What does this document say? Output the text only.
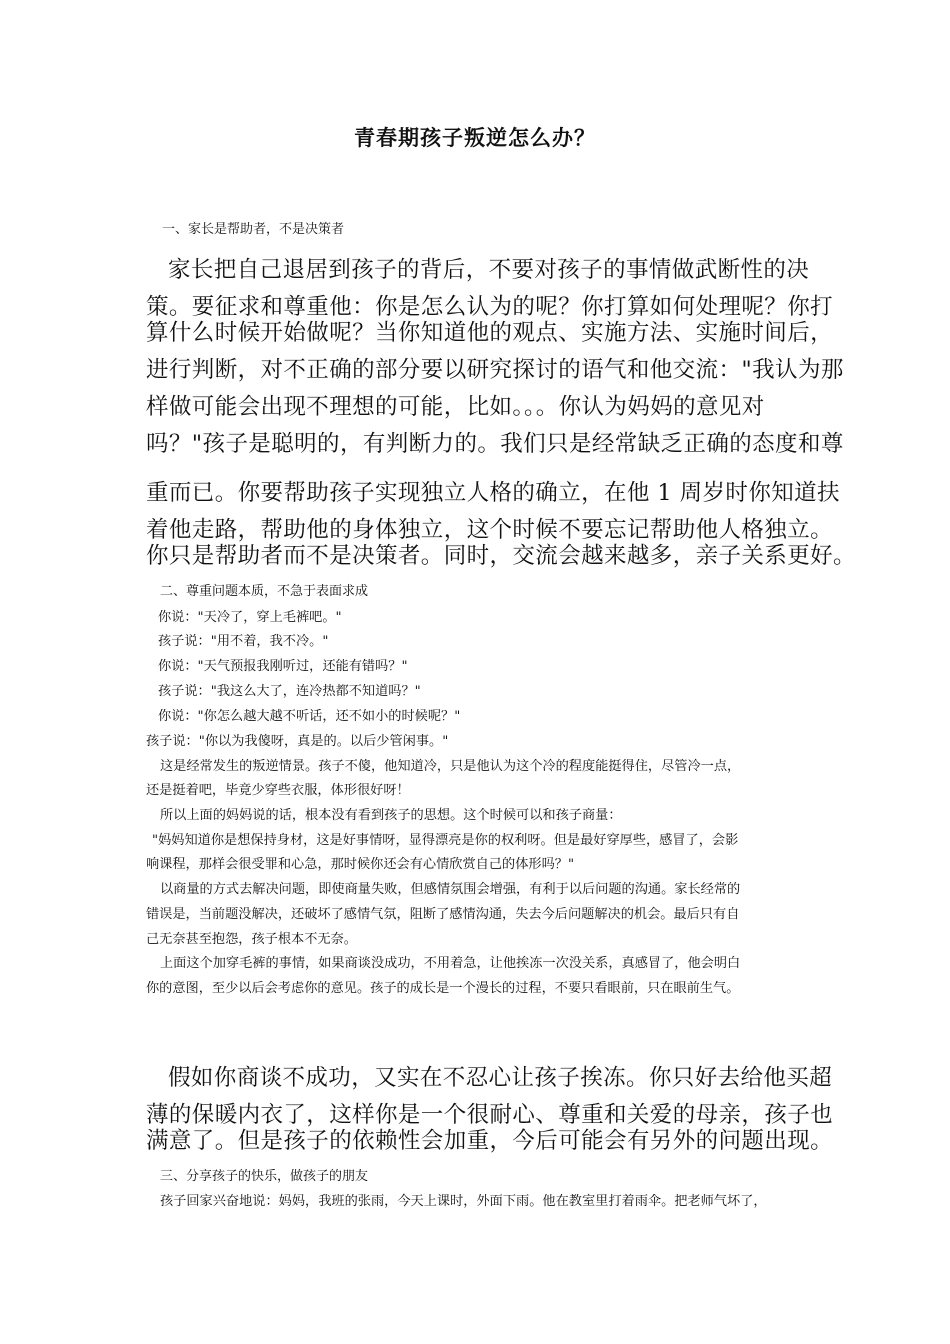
青春期孩子叛逆怎么办？
一、家长是帮助者，不是决策者
家长把自己退居到孩子的背后，不要对孩子的事情做武断性的决
策。要征求和尊重他：你是怎么认为的呢？你打算如何处理呢？你打
算什么时候开始做呢？当你知道他的观点、实施方法、实施时间后，
进行判断，对不正确的部分要以研究探讨的语气和他交流："我认为那
样做可能会出现不理想的可能，比如。。。你认为妈妈的意见对
吗？"孩子是聪明的，有判断力的。我们只是经常缺乏正确的态度和尊
重而已。你要帮助孩子实现独立人格的确立，在他 1 周岁时你知道扶
着他走路，帮助他的身体独立，这个时候不要忘记帮助他人格独立。
你只是帮助者而不是决策者。同时，交流会越来越多，亲子关系更好。
二、尊重问题本质，不急于表面求成
你说："天冷了，穿上毛裤吧。"
孩子说："用不着，我不冷。"
你说："天气预报我刚听过，还能有错吗？"
孩子说："我这么大了，连冷热都不知道吗？"
你说："你怎么越大越不听话，还不如小的时候呢？"
孩子说："你以为我傻呀，真是的。以后少管闲事。"
这是经常发生的叛逆情景。孩子不傻，他知道冷，只是他认为这个冷的程度能挺得住，尽管冷一点，
还是挺着吧，毕竟少穿些衣服，体形很好呀！
所以上面的妈妈说的话，根本没有看到孩子的思想。这个时候可以和孩子商量：
"妈妈知道你是想保持身材，这是好事情呀，显得漂亮是你的权利呀。但是最好穿厚些，感冒了，会影
响课程，那样会很受罪和心急，那时候你还会有心情欣赏自己的体形吗？"
以商量的方式去解决问题，即使商量失败，但感情氛围会增强，有利于以后问题的沟通。家长经常的
错误是，当前题没解决，还破坏了感情气氛，阻断了感情沟通，失去今后问题解决的机会。最后只有自
己无奈甚至抱怨，孩子根本不无奈。
上面这个加穿毛裤的事情，如果商谈没成功，不用着急，让他挨冻一次没关系，真感冒了，他会明白
你的意图，至少以后会考虑你的意见。孩子的成长是一个漫长的过程，不要只看眼前，只在眼前生气。
假如你商谈不成功，又实在不忍心让孩子挨冻。你只好去给他买超
薄的保暖内衣了，这样你是一个很耐心、尊重和关爱的母亲，孩子也
满意了。但是孩子的依赖性会加重，今后可能会有另外的问题出现。
三、分享孩子的快乐，做孩子的朋友
孩子回家兴奋地说：妈妈，我班的张雨，今天上课时，外面下雨。他在教室里打着雨伞。把老师气坏了，
